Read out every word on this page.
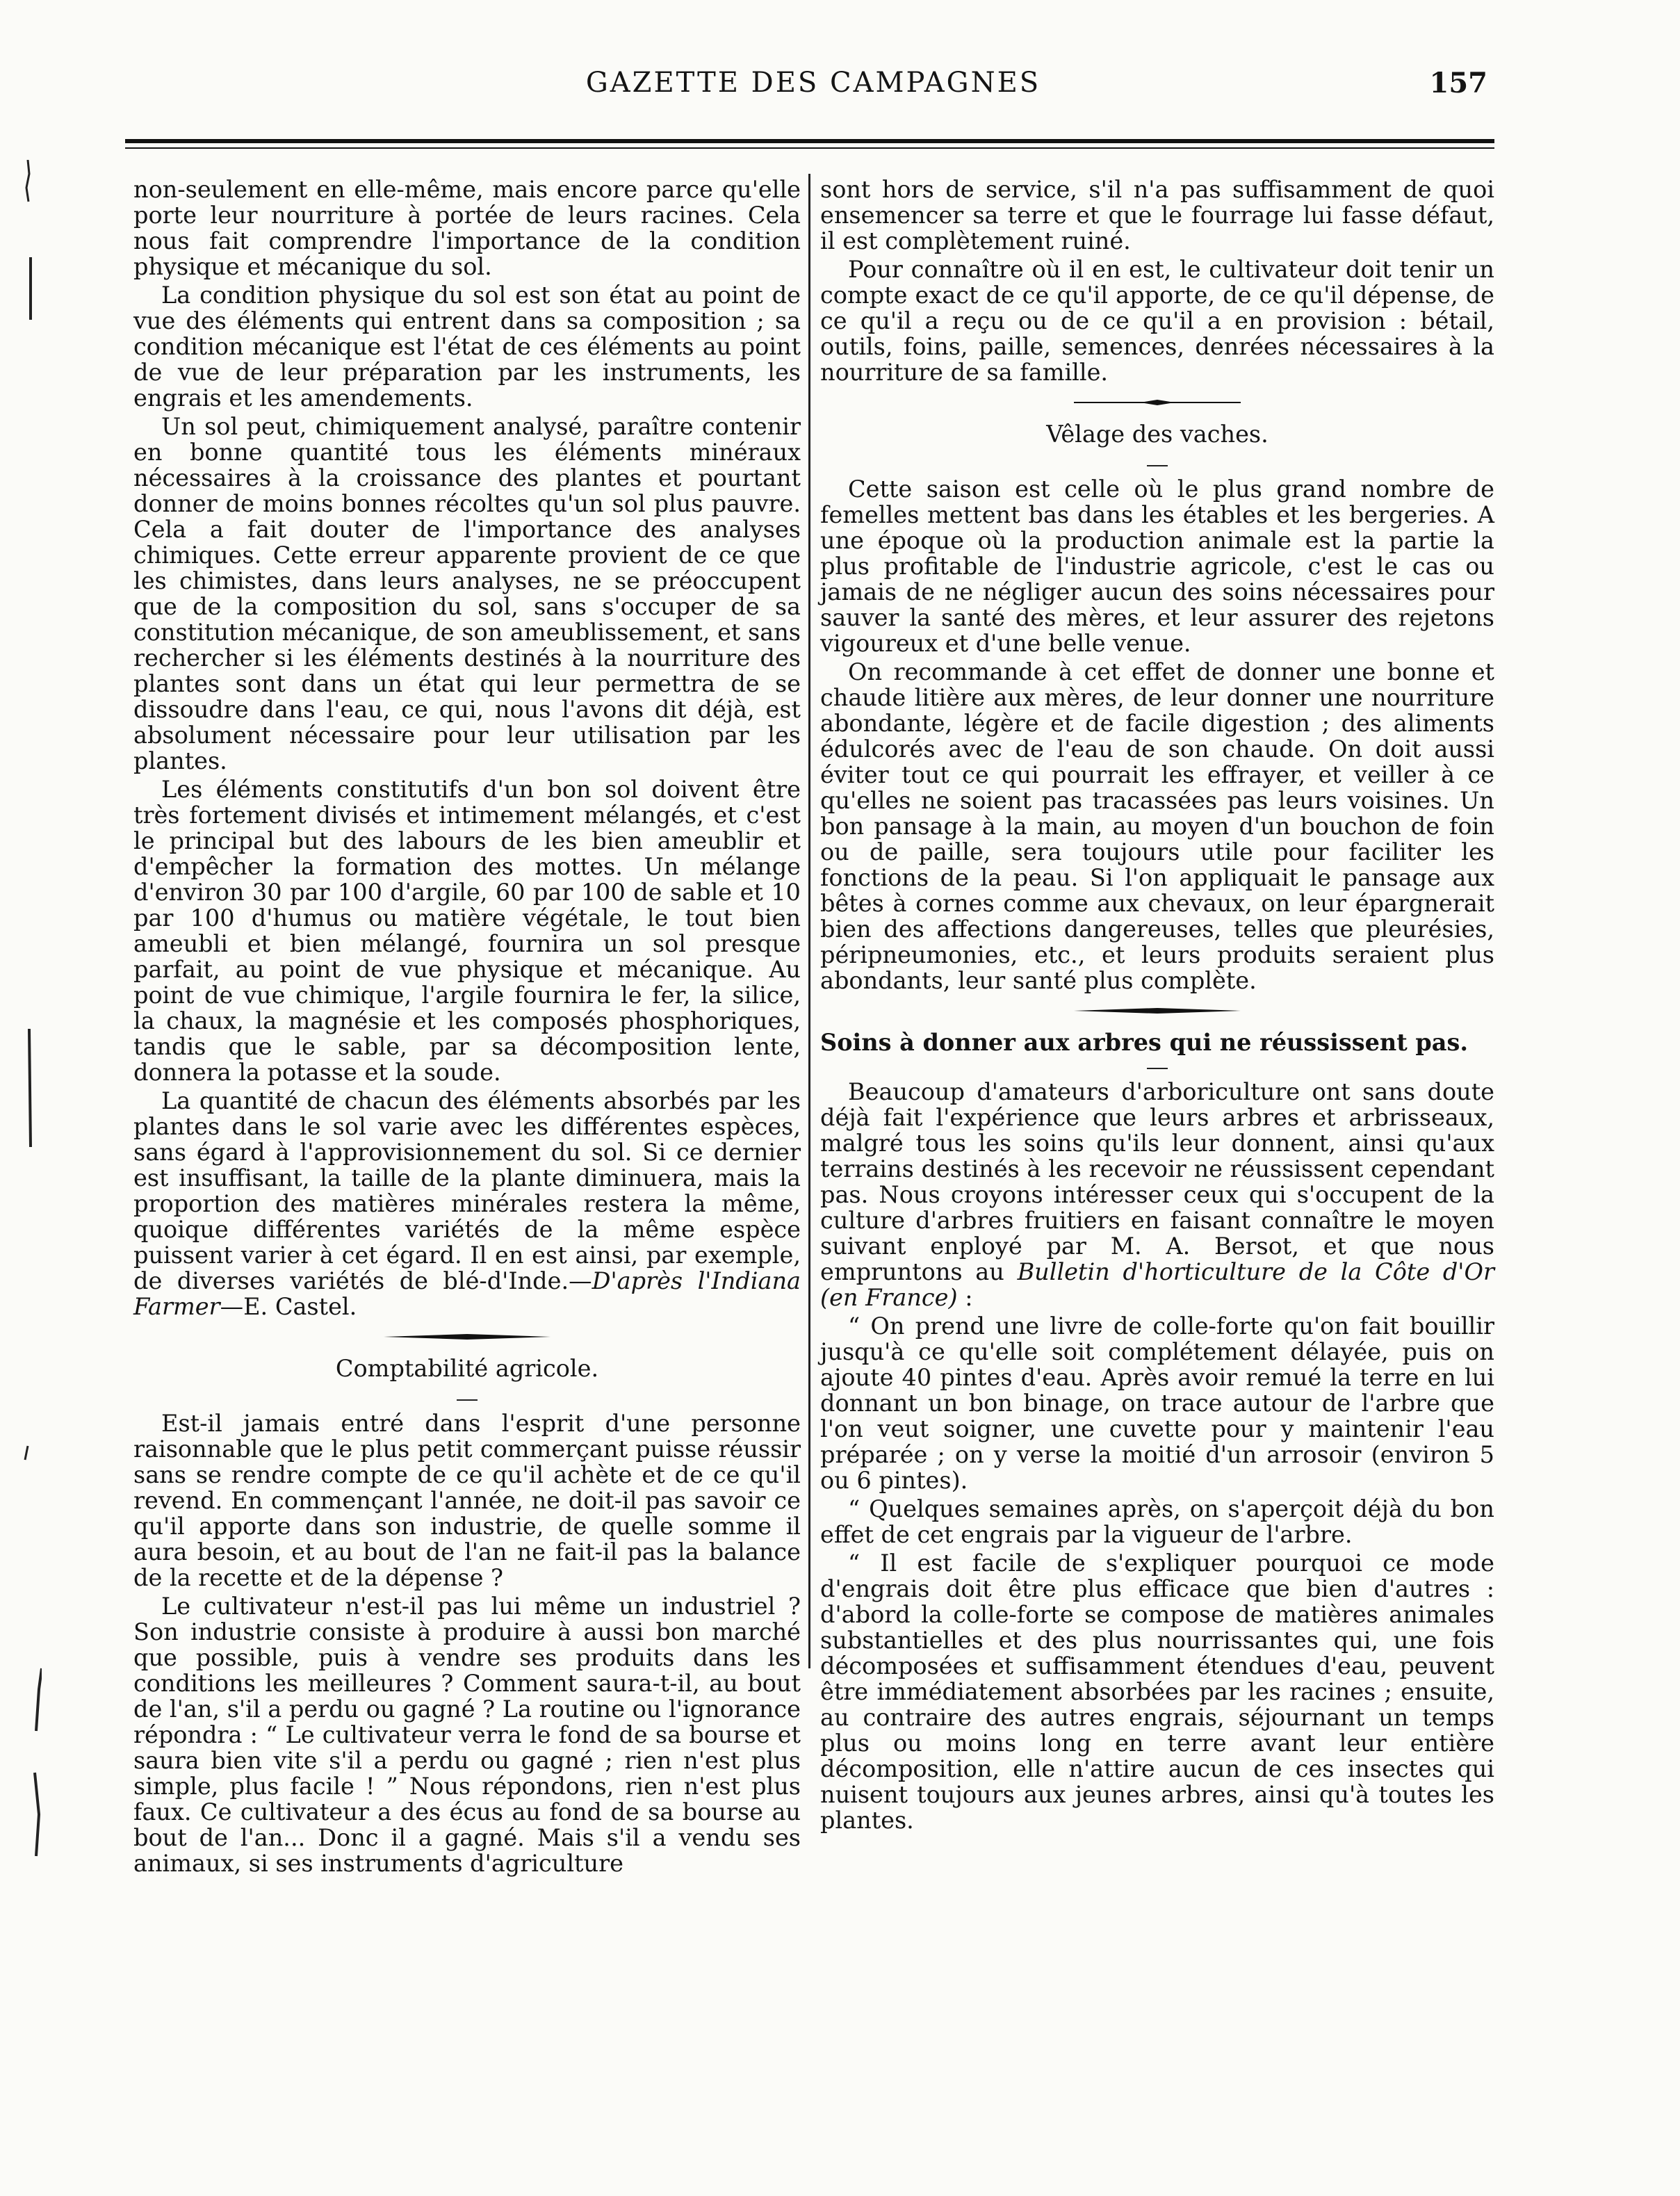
GAZETTE DES CAMPAGNES	157

non-seulement en elle-même, mais encore parce qu'elle porte leur nourriture à portée de leurs racines. Cela nous fait comprendre l'importance de la condition physique et mécanique du sol.

La condition physique du sol est son état au point de vue des éléments qui entrent dans sa composition ; sa condition mécanique est l'état de ces éléments au point de vue de leur préparation par les instruments, les engrais et les amendements.

Un sol peut, chimiquement analysé, paraître contenir en bonne quantité tous les éléments minéraux nécessaires à la croissance des plantes et pourtant donner de moins bonnes récoltes qu'un sol plus pauvre. Cela a fait douter de l'importance des analyses chimiques. Cette erreur apparente provient de ce que les chimistes, dans leurs analyses, ne se préoccupent que de la composition du sol, sans s'occuper de sa constitution mécanique, de son ameublissement, et sans rechercher si les éléments destinés à la nourriture des plantes sont dans un état qui leur permettra de se dissoudre dans l'eau, ce qui, nous l'avons dit déjà, est absolument nécessaire pour leur utilisation par les plantes.

Les éléments constitutifs d'un bon sol doivent être très fortement divisés et intimement mélangés, et c'est le principal but des labours de les bien ameublir et d'empêcher la formation des mottes. Un mélange d'environ 30 par 100 d'argile, 60 par 100 de sable et 10 par 100 d'humus ou matière végétale, le tout bien ameubli et bien mélangé, fournira un sol presque parfait, au point de vue physique et mécanique. Au point de vue chimique, l'argile fournira le fer, la silice, la chaux, la magnésie et les composés phosphoriques, tandis que le sable, par sa décomposition lente, donnera la potasse et la soude.

La quantité de chacun des éléments absorbés par les plantes dans le sol varie avec les différentes espèces, sans égard à l'approvisionnement du sol. Si ce dernier est insuffisant, la taille de la plante diminuera, mais la proportion des matières minérales restera la même, quoique différentes variétés de la même espèce puissent varier à cet égard. Il en est ainsi, par exemple, de diverses variétés de blé-d'Inde.—D'après l'Indiana Farmer—E. Castel.

Comptabilité agricole.

Est-il jamais entré dans l'esprit d'une personne raisonnable que le plus petit commerçant puisse réussir sans se rendre compte de ce qu'il achète et de ce qu'il revend. En commençant l'année, ne doit-il pas savoir ce qu'il apporte dans son industrie, de quelle somme il aura besoin, et au bout de l'an ne fait-il pas la balance de la recette et de la dépense ?

Le cultivateur n'est-il pas lui même un industriel ? Son industrie consiste à produire à aussi bon marché que possible, puis à vendre ses produits dans les conditions les meilleures ? Comment saura-t-il, au bout de l'an, s'il a perdu ou gagné ? La routine ou l'ignorance répondra : “ Le cultivateur verra le fond de sa bourse et saura bien vite s'il a perdu ou gagné ; rien n'est plus simple, plus facile ! ” Nous répondons, rien n'est plus faux. Ce cultivateur a des écus au fond de sa bourse au bout de l'an... Donc il a gagné. Mais s'il a vendu ses animaux, si ses instruments d'agriculture

sont hors de service, s'il n'a pas suffisamment de quoi ensemencer sa terre et que le fourrage lui fasse défaut, il est complètement ruiné.

Pour connaître où il en est, le cultivateur doit tenir un compte exact de ce qu'il apporte, de ce qu'il dépense, de ce qu'il a reçu ou de ce qu'il a en provision : bétail, outils, foins, paille, semences, denrées nécessaires à la nourriture de sa famille.

Vêlage des vaches.

Cette saison est celle où le plus grand nombre de femelles mettent bas dans les étables et les bergeries. A une époque où la production animale est la partie la plus profitable de l'industrie agricole, c'est le cas ou jamais de ne négliger aucun des soins nécessaires pour sauver la santé des mères, et leur assurer des rejetons vigoureux et d'une belle venue.

On recommande à cet effet de donner une bonne et chaude litière aux mères, de leur donner une nourriture abondante, légère et de facile digestion ; des aliments édulcorés avec de l'eau de son chaude. On doit aussi éviter tout ce qui pourrait les effrayer, et veiller à ce qu'elles ne soient pas tracassées pas leurs voisines. Un bon pansage à la main, au moyen d'un bouchon de foin ou de paille, sera toujours utile pour faciliter les fonctions de la peau. Si l'on appliquait le pansage aux bêtes à cornes comme aux chevaux, on leur épargnerait bien des affections dangereuses, telles que pleurésies, péripneumonies, etc., et leurs produits seraient plus abondants, leur santé plus complète.

Soins à donner aux arbres qui ne réussissent pas.

Beaucoup d'amateurs d'arboriculture ont sans doute déjà fait l'expérience que leurs arbres et arbrisseaux, malgré tous les soins qu'ils leur donnent, ainsi qu'aux terrains destinés à les recevoir ne réussissent cependant pas. Nous croyons intéresser ceux qui s'occupent de la culture d'arbres fruitiers en faisant connaître le moyen suivant enployé par M. A. Bersot, et que nous empruntons au Bulletin d'horticulture de la Côte d'Or (en France) :

“ On prend une livre de colle-forte qu'on fait bouillir jusqu'à ce qu'elle soit complétement délayée, puis on ajoute 40 pintes d'eau. Après avoir remué la terre en lui donnant un bon binage, on trace autour de l'arbre que l'on veut soigner, une cuvette pour y maintenir l'eau préparée ; on y verse la moitié d'un arrosoir (environ 5 ou 6 pintes).

“ Quelques semaines après, on s'aperçoit déjà du bon effet de cet engrais par la vigueur de l'arbre.

“ Il est facile de s'expliquer pourquoi ce mode d'engrais doit être plus efficace que bien d'autres : d'abord la colle-forte se compose de matières animales substantielles et des plus nourrissantes qui, une fois décomposées et suffisamment étendues d'eau, peuvent être immédiatement absorbées par les racines ; ensuite, au contraire des autres engrais, séjournant un temps plus ou moins long en terre avant leur entière décomposition, elle n'attire aucun de ces insectes qui nuisent toujours aux jeunes arbres, ainsi qu'à toutes les plantes.
